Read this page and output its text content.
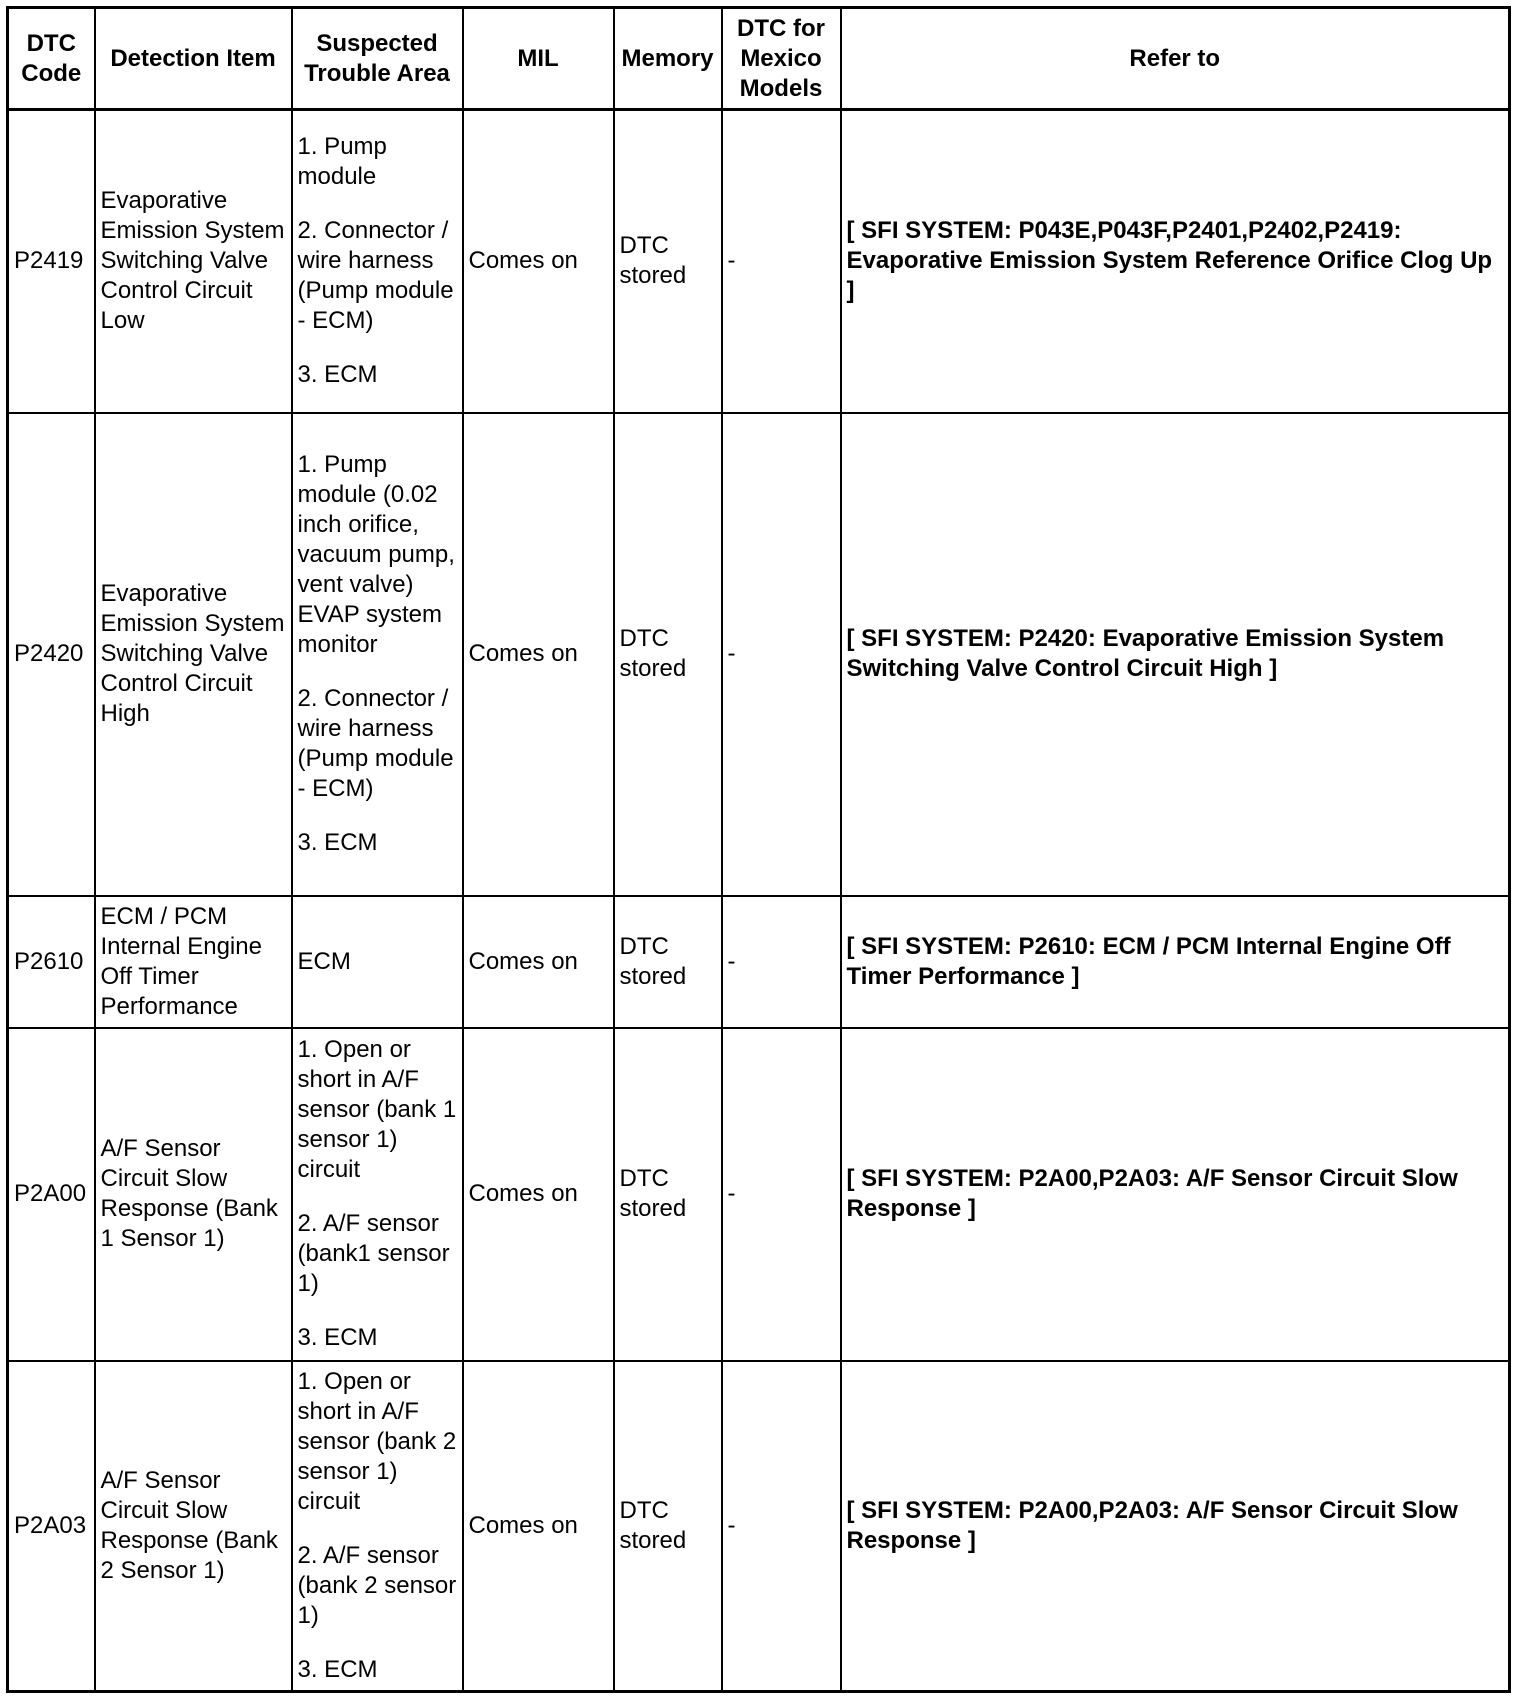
DTC Code	Detection Item	Suspected Trouble Area	MIL	Memory	DTC for Mexico Models	Refer to
P2419	Evaporative Emission System Switching Valve Control Circuit Low	1. Pump module
2. Connector / wire harness (Pump module - ECM)
3. ECM	Comes on	DTC stored	-	[ SFI SYSTEM: P043E,P043F,P2401,P2402,P2419: Evaporative Emission System Reference Orifice Clog Up ]
P2420	Evaporative Emission System Switching Valve Control Circuit High	1. Pump module (0.02 inch orifice, vacuum pump, vent valve) EVAP system monitor
2. Connector / wire harness (Pump module - ECM)
3. ECM	Comes on	DTC stored	-	[ SFI SYSTEM: P2420: Evaporative Emission System Switching Valve Control Circuit High ]
P2610	ECM / PCM Internal Engine Off Timer Performance	ECM	Comes on	DTC stored	-	[ SFI SYSTEM: P2610: ECM / PCM Internal Engine Off Timer Performance ]
P2A00	A/F Sensor Circuit Slow Response (Bank 1 Sensor 1)	1. Open or short in A/F sensor (bank 1 sensor 1) circuit
2. A/F sensor (bank1 sensor 1)
3. ECM	Comes on	DTC stored	-	[ SFI SYSTEM: P2A00,P2A03: A/F Sensor Circuit Slow Response ]
P2A03	A/F Sensor Circuit Slow Response (Bank 2 Sensor 1)	1. Open or short in A/F sensor (bank 2 sensor 1) circuit
2. A/F sensor (bank 2 sensor 1)
3. ECM	Comes on	DTC stored	-	[ SFI SYSTEM: P2A00,P2A03: A/F Sensor Circuit Slow Response ]
